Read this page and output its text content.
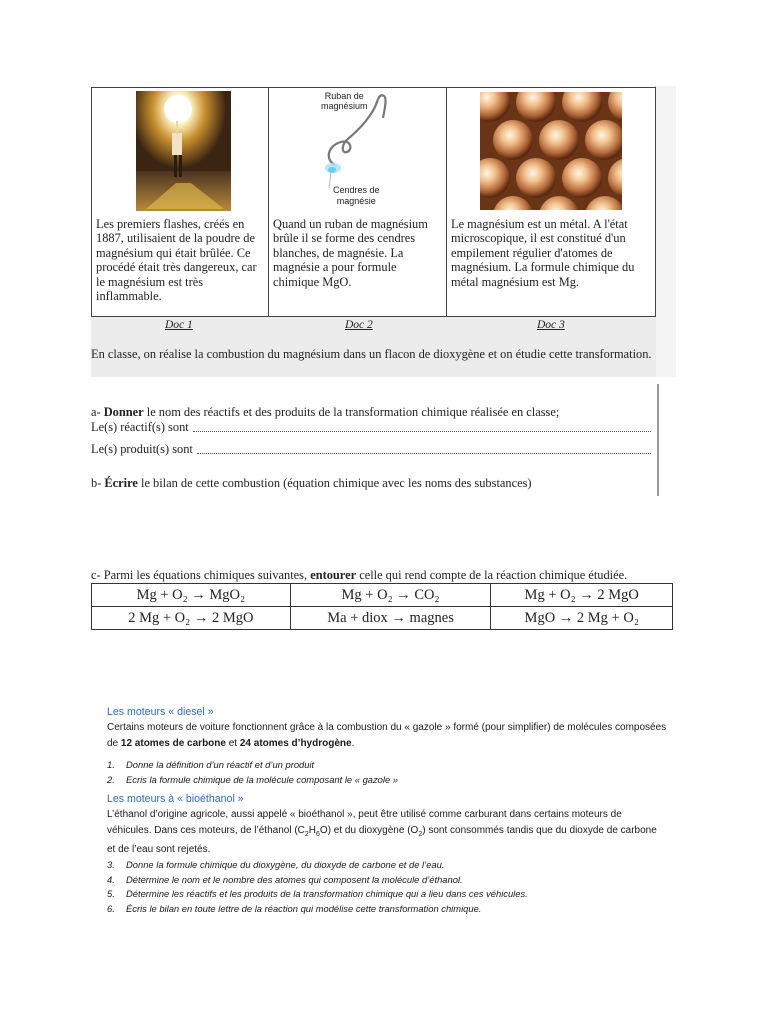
Les premiers flashes, créés en 1887, utilisaient de la poudre de magnésium qui était brûlée. Ce procédé était très dangereux, car le magnésium est très inflammable.
Ruban de
magnésium
Cendres de
magnésie
Quand un ruban de magnésium brûle il se forme des cendres blanches, de magnésie. La magnésie a pour formule chimique MgO.
Le magnésium est un métal. A l'état microscopique, il est constitué d'un empilement régulier d'atomes de magnésium. La formule chimique du métal magnésium est Mg.
Doc 1	Doc 2	Doc 3
En classe, on réalise la combustion du magnésium dans un flacon de dioxygène et on étudie cette transformation.
a- Donner le nom des réactifs et des produits de la transformation chimique réalisée en classe;
Le(s) réactif(s) sont
Le(s) produit(s) sont
b- Écrire le bilan de cette combustion (équation chimique avec les noms des substances)
c- Parmi les équations chimiques suivantes, entourer celle qui rend compte de la réaction chimique étudiée.
Mg + O₂ → MgO₂	Mg + O₂ → CO₂	Mg + O₂ → 2 MgO
2 Mg + O₂ → 2 MgO	Ma + diox → magnes	MgO → 2 Mg + O₂
Les moteurs « diesel »
Certains moteurs de voiture fonctionnent grâce à la combustion du « gazole » formé (pour simplifier) de molécules composées de 12 atomes de carbone et 24 atomes d’hydrogène.
1. Donne la définition d’un réactif et d’un produit
2. Ecris la formule chimique de la molécule composant le « gazole »
Les moteurs à « bioéthanol »
L’éthanol d’origine agricole, aussi appelé « bioéthanol », peut être utilisé comme carburant dans certains moteurs de véhicules. Dans ces moteurs, de l’éthanol $(C_2H_6O)$ et du dioxygène $(O_2)$ sont consommés tandis que du dioxyde de carbone et de l’eau sont rejetés.
3. Donne la formule chimique du dioxygène, du dioxyde de carbone et de l’eau.
4. Détermine le nom et le nombre des atomes qui composent la molécule d’éthanol.
5. Détermine les réactifs et les produits de la transformation chimique qui a lieu dans ces véhicules.
6. Écris le bilan en toute lettre de la réaction qui modélise cette transformation chimique.
